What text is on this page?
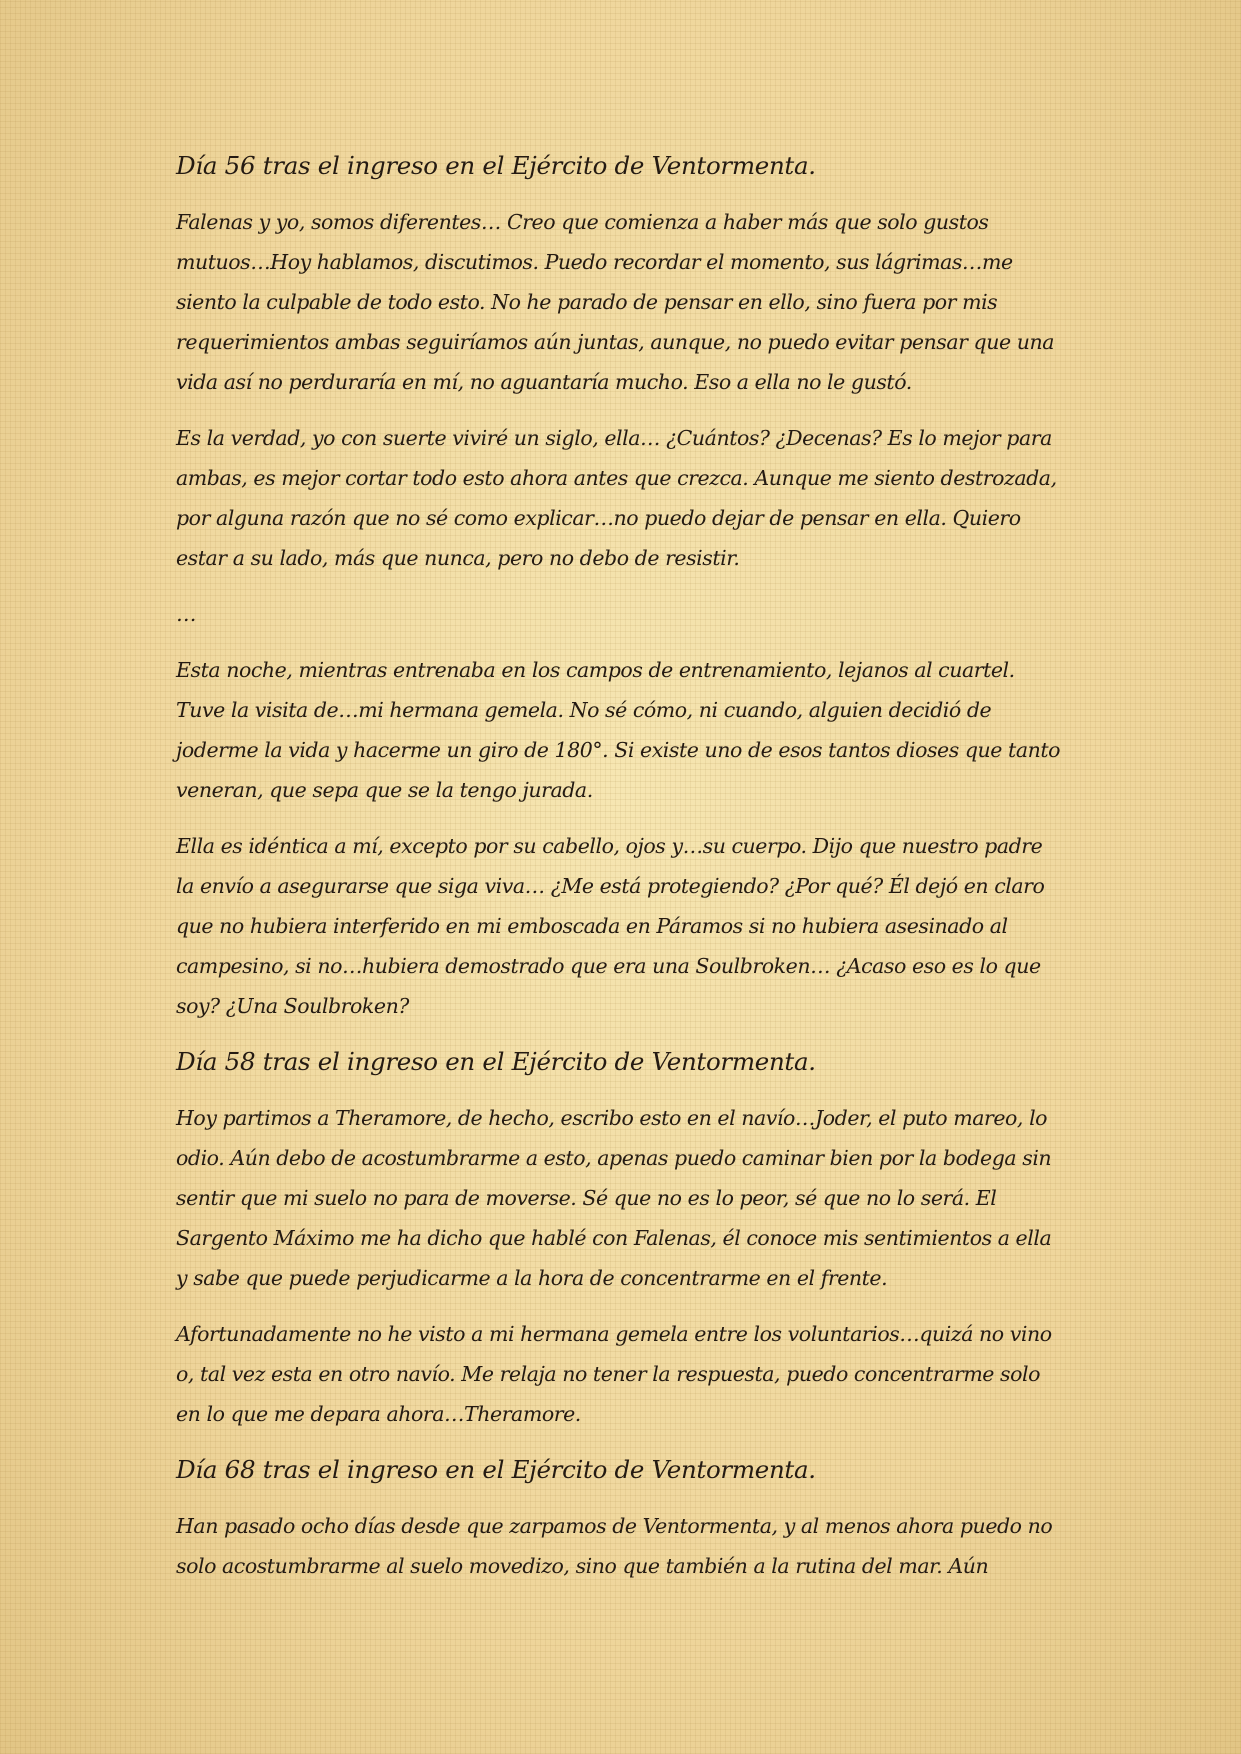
Día 56 tras el ingreso en el Ejército de Ventormenta.

Falenas y yo, somos diferentes… Creo que comienza a haber más que solo gustos mutuos…Hoy hablamos, discutimos. Puedo recordar el momento, sus lágrimas…me siento la culpable de todo esto. No he parado de pensar en ello, sino fuera por mis requerimientos ambas seguiríamos aún juntas, aunque, no puedo evitar pensar que una vida así no perduraría en mí, no aguantaría mucho. Eso a ella no le gustó.

Es la verdad, yo con suerte viviré un siglo, ella… ¿Cuántos? ¿Decenas? Es lo mejor para ambas, es mejor cortar todo esto ahora antes que crezca. Aunque me siento destrozada, por alguna razón que no sé como explicar…no puedo dejar de pensar en ella. Quiero estar a su lado, más que nunca, pero no debo de resistir.

…

Esta noche, mientras entrenaba en los campos de entrenamiento, lejanos al cuartel. Tuve la visita de…mi hermana gemela. No sé cómo, ni cuando, alguien decidió de joderme la vida y hacerme un giro de 180°. Si existe uno de esos tantos dioses que tanto veneran, que sepa que se la tengo jurada.

Ella es idéntica a mí, excepto por su cabello, ojos y…su cuerpo. Dijo que nuestro padre la envío a asegurarse que siga viva… ¿Me está protegiendo? ¿Por qué? Él dejó en claro que no hubiera interferido en mi emboscada en Páramos si no hubiera asesinado al campesino, si no…hubiera demostrado que era una Soulbroken… ¿Acaso eso es lo que soy? ¿Una Soulbroken?

Día 58 tras el ingreso en el Ejército de Ventormenta.

Hoy partimos a Theramore, de hecho, escribo esto en el navío…Joder, el puto mareo, lo odio. Aún debo de acostumbrarme a esto, apenas puedo caminar bien por la bodega sin sentir que mi suelo no para de moverse. Sé que no es lo peor, sé que no lo será. El Sargento Máximo me ha dicho que hablé con Falenas, él conoce mis sentimientos a ella y sabe que puede perjudicarme a la hora de concentrarme en el frente.

Afortunadamente no he visto a mi hermana gemela entre los voluntarios…quizá no vino o, tal vez esta en otro navío. Me relaja no tener la respuesta, puedo concentrarme solo en lo que me depara ahora…Theramore.

Día 68 tras el ingreso en el Ejército de Ventormenta.

Han pasado ocho días desde que zarpamos de Ventormenta, y al menos ahora puedo no solo acostumbrarme al suelo movedizo, sino que también a la rutina del mar. Aún
